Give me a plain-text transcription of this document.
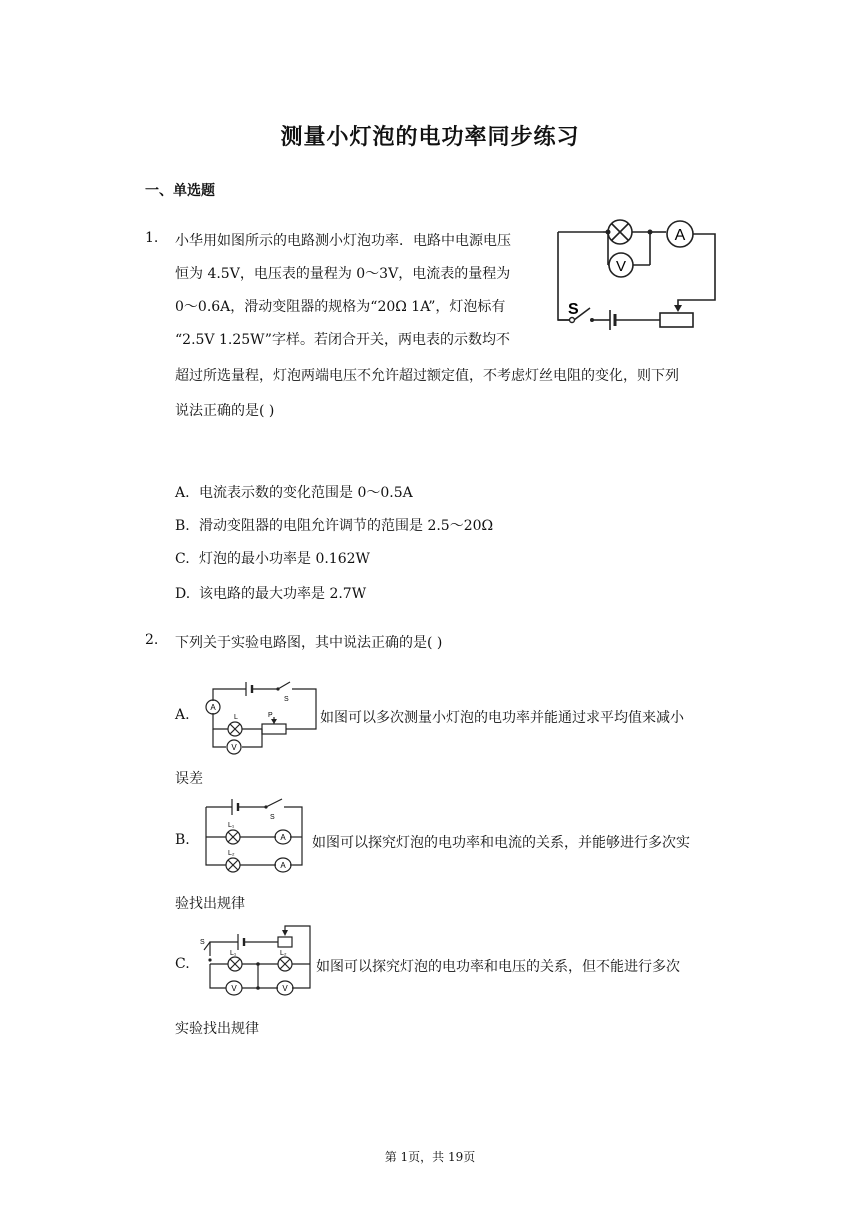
测量小灯泡的电功率同步练习
一、单选题
1. 小华用如图所示的电路测小灯泡功率．电路中电源电压
恒为 4.5V，电压表的量程为 0～3V，电流表的量程为
0～0.6A，滑动变阻器的规格为“20Ω 1A”，灯泡标有
“2.5V 1.25W”字样。若闭合开关，两电表的示数均不
超过所选量程，灯泡两端电压不允许超过额定值，不考虑灯丝电阻的变化，则下列
说法正确的是( )
A
V
S
A. 电流表示数的变化范围是 0～0.5A
B. 滑动变阻器的电阻允许调节的范围是 2.5～20Ω
C. 灯泡的最小功率是 0.162W
D. 该电路的最大功率是 2.7W
2. 下列关于实验电路图，其中说法正确的是( )
A.	A
V
S
L	P	如图可以多次测量小灯泡的电功率并能通过求平均值来减小
误差
B.
S
L₁
L₂
A
A
如图可以探究灯泡的电功率和电流的关系，并能够进行多次实
验找出规律
C.
S
L₁	L₂
V	V
如图可以探究灯泡的电功率和电压的关系，但不能进行多次
实验找出规律
第 1页，共 19页
